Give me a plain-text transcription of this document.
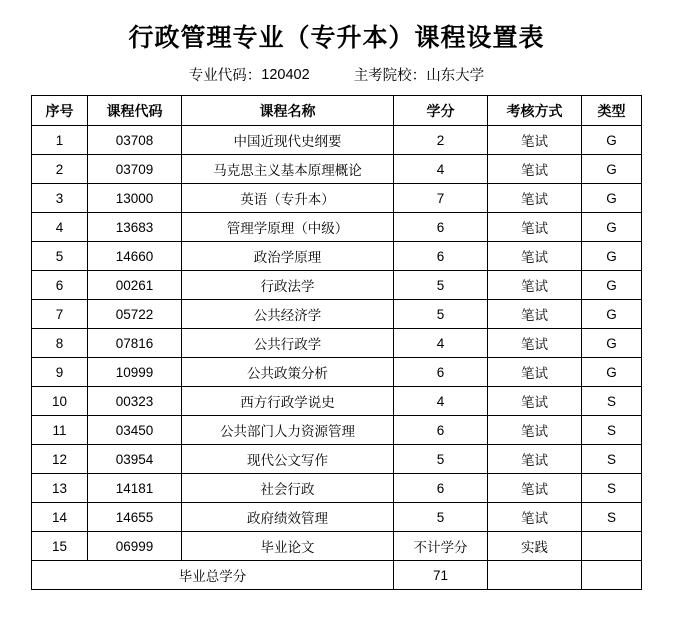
行政管理专业（专升本）课程设置表
专业代码： 120402	主考院校： 山东大学
序号	课程代码	课程名称	学分	考核方式	类型
1	03708	中国近现代史纲要	2	笔试	G
2	03709	马克思主义基本原理概论	4	笔试	G
3	13000	英语（专升本）	7	笔试	G
4	13683	管理学原理（中级）	6	笔试	G
5	14660	政治学原理	6	笔试	G
6	00261	行政法学	5	笔试	G
7	05722	公共经济学	5	笔试	G
8	07816	公共行政学	4	笔试	G
9	10999	公共政策分析	6	笔试	G
10	00323	西方行政学说史	4	笔试	S
11	03450	公共部门人力资源管理	6	笔试	S
12	03954	现代公文写作	5	笔试	S
13	14181	社会行政	6	笔试	S
14	14655	政府绩效管理	5	笔试	S
15	06999	毕业论文	不计学分	实践	
毕业总学分			71		
